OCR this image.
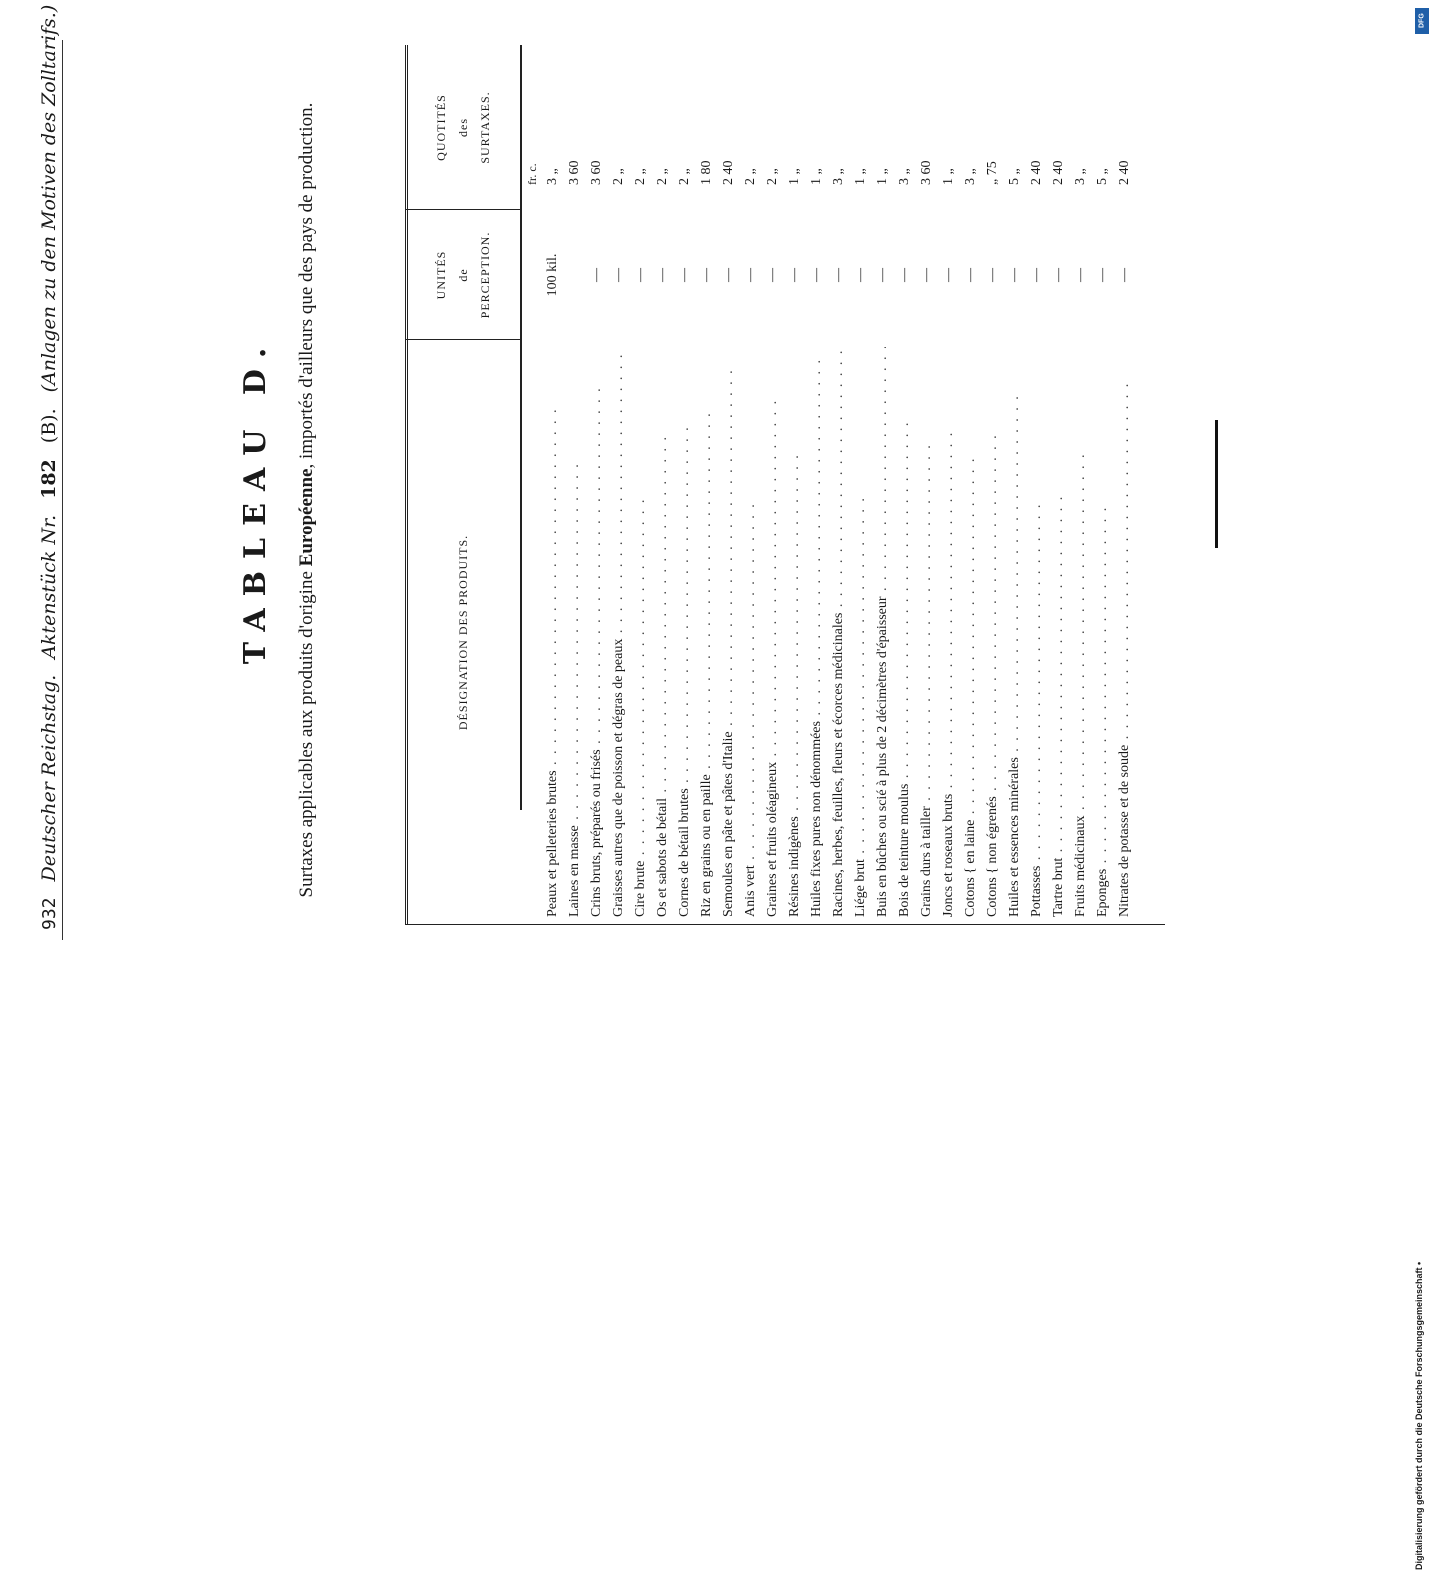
932
Deutscher Reichstag.
Aktenstück Nr.
182
(B).
(Anlagen zu den Motiven des Zolltarifs.)
TABLEAU D.
Surtaxes applicables aux produits d'origine Européenne, importés d'ailleurs que des pays de production.
DÉSIGNATION DES PRODUITS.
UNITÉS de PERCEPTION.
QUOTITÉS des SURTAXES.
fr. c.
Peaux et pelleteries brutes . .
100 kil.
3 „
Laines en masse . .
3 60
Crins bruts, préparés ou frisés . .
—
3 60
Graisses autres que de poisson et dégras de peaux . .
—
2 „
Cire brute . .
—
2 „
Os et sabots de bétail . .
—
2 „
Cornes de bétail brutes . .
—
2 „
Riz en grains ou en paille . .
—
1 80
Semoules en pâte et pâtes d'Italie . .
—
2 40
Anis vert . .
—
2 „
Graines et fruits oléagineux . .
—
2 „
Résines indigènes . .
—
1 „
Huiles fixes pures non dénommées . .
—
1 „
Racines, herbes, feuilles, fleurs et écorces médicinales . .
—
3 „
Liége brut . .
—
1 „
Buis en bûches ou scié à plus de 2 décimètres d'épaisseur . .
—
1 „
Bois de teinture moulus . .
—
3 „
Grains durs à tailler . .
—
3 60
Joncs et roseaux bruts . .
—
1 „
Cotons { en laine . .
—
3 „
Cotons { non égrenés . .
—
„ 75
Huiles et essences minérales . .
—
5 „
Pottasses . .
—
2 40
Tartre brut . .
—
2 40
Fruits médicinaux . .
—
3 „
Eponges . .
—
5 „
Nitrates de potasse et de soude . .
—
2 40
DFG
Digitalisierung gefördert durch die Deutsche Forschungsgemeinschaft •
